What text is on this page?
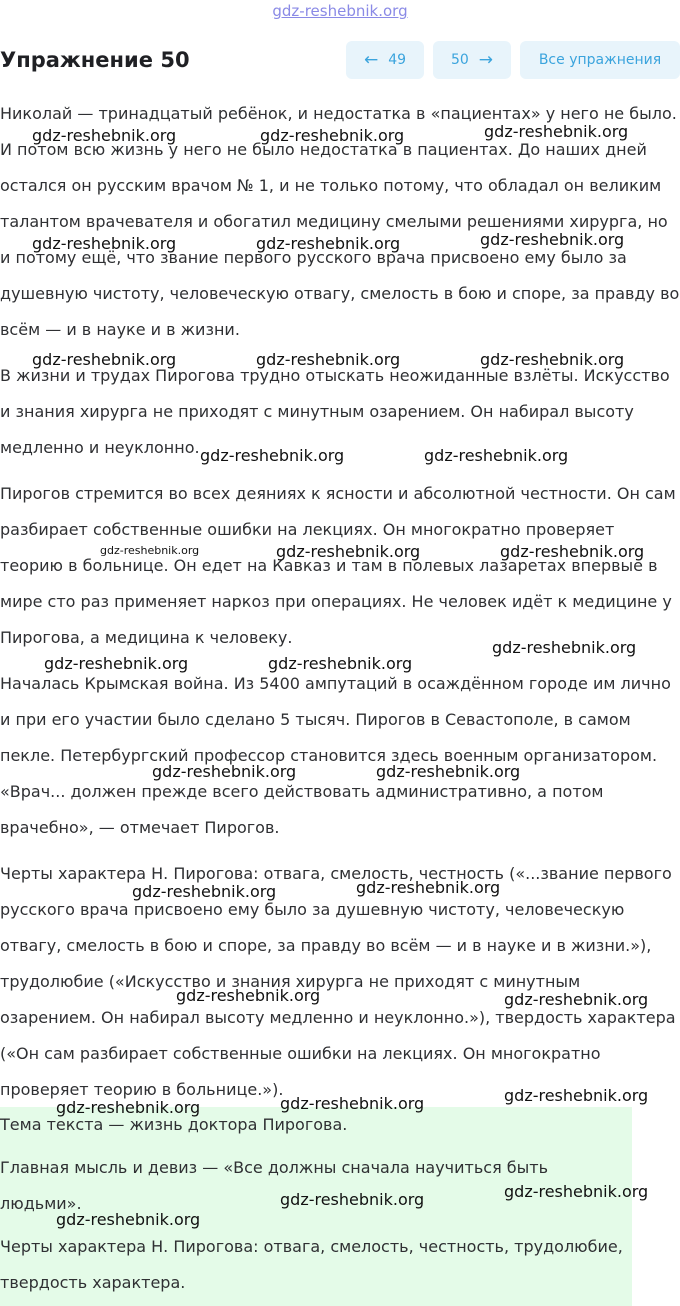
gdz-reshebnik.org
Упражнение 50	← 49	50 →	Все упражнения

Николай — тринадцатый ребёнок, и недостатка в «пациентах» у него не было. И потом всю жизнь у него не было недостатка в пациентах. До наших дней остался он русским врачом № 1, и не только потому, что обладал он великим талантом врачевателя и обогатил медицину смелыми решениями хирурга, но и потому ещё, что звание первого русского врача присвоено ему было за душевную чистоту, человеческую отвагу, смелость в бою и споре, за правду во всём — и в науке и в жизни.

В жизни и трудах Пирогова трудно отыскать неожиданные взлёты. Искусство и знания хирурга не приходят с минутным озарением. Он набирал высоту медленно и неуклонно.

Пирогов стремится во всех деяниях к ясности и абсолютной честности. Он сам разбирает собственные ошибки на лекциях. Он многократно проверяет теорию в больнице. Он едет на Кавказ и там в полевых лазаретах впервые в мире сто раз применяет наркоз при операциях. Не человек идёт к медицине у Пирогова, а медицина к человеку.

Началась Крымская война. Из 5400 ампутаций в осаждённом городе им лично и при его участии было сделано 5 тысяч. Пирогов в Севастополе, в самом пекле. Петербургский профессор становится здесь военным организатором. «Врач... должен прежде всего действовать административно, а потом врачебно», — отмечает Пирогов.

Черты характера Н. Пирогова: отвага, смелость, честность («...звание первого русского врача присвоено ему было за душевную чистоту, человеческую отвагу, смелость в бою и споре, за правду во всём — и в науке и в жизни.»), трудолюбие («Искусство и знания хирурга не приходят с минутным озарением. Он набирал высоту медленно и неуклонно.»), твердость характера («Он сам разбирает собственные ошибки на лекциях. Он многократно проверяет теорию в больнице.»).

Тема текста — жизнь доктора Пирогова.

Главная мысль и девиз — «Все должны сначала научиться быть людьми».

Черты характера Н. Пирогова: отвага, смелость, честность, трудолюбие, твердость характера.

gdz-reshebnik.org	gdz-reshebnik.org	gdz-reshebnik.org
gdz-reshebnik.org	gdz-reshebnik.org	gdz-reshebnik.org
gdz-reshebnik.org	gdz-reshebnik.org	gdz-reshebnik.org
gdz-reshebnik.org	gdz-reshebnik.org
gdz-reshebnik.org	gdz-reshebnik.org	gdz-reshebnik.org
gdz-reshebnik.org
gdz-reshebnik.org	gdz-reshebnik.org
gdz-reshebnik.org	gdz-reshebnik.org
gdz-reshebnik.org
gdz-reshebnik.org
gdz-reshebnik.org	gdz-reshebnik.org
gdz-reshebnik.org
gdz-reshebnik.org
gdz-reshebnik.org
gdz-reshebnik.org
gdz-reshebnik.org
gdz-reshebnik.org
